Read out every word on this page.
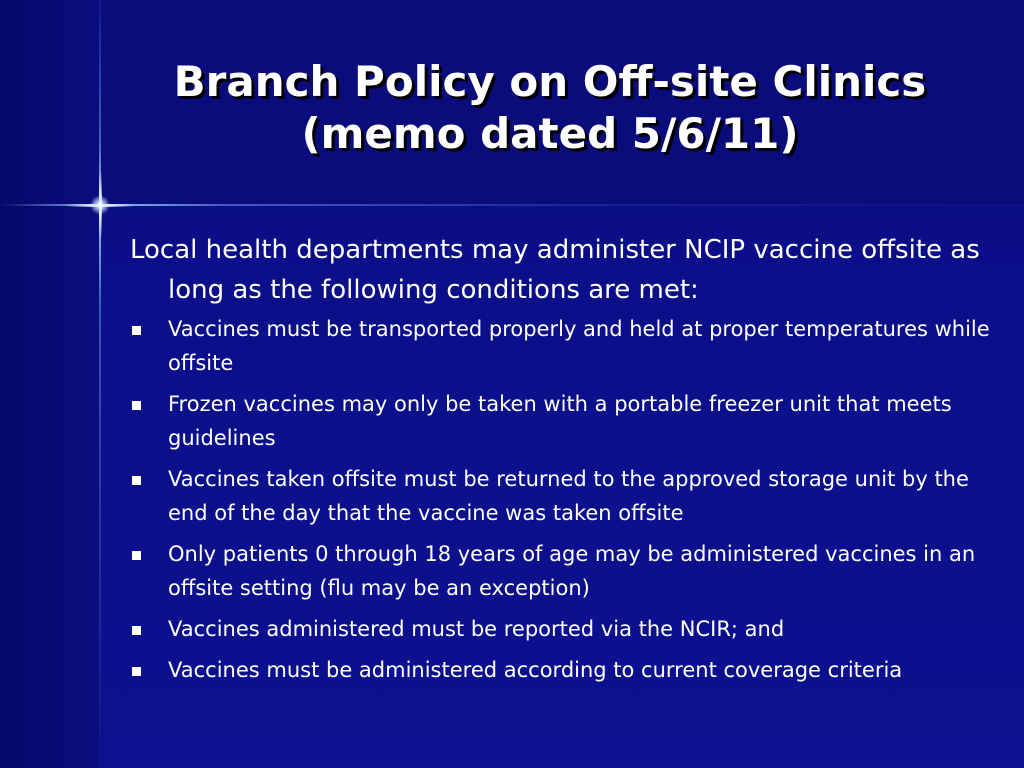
Branch Policy on Off-site Clinics
(memo dated 5/6/11)

Local health departments may administer NCIP vaccine offsite as long as the following conditions are met:

Vaccines must be transported properly and held at proper temperatures while offsite
Frozen vaccines may only be taken with a portable freezer unit that meets guidelines
Vaccines taken offsite must be returned to the approved storage unit by the end of the day that the vaccine was taken offsite
Only patients 0 through 18 years of age may be administered vaccines in an offsite setting (flu may be an exception)
Vaccines administered must be reported via the NCIR; and
Vaccines must be administered according to current coverage criteria
